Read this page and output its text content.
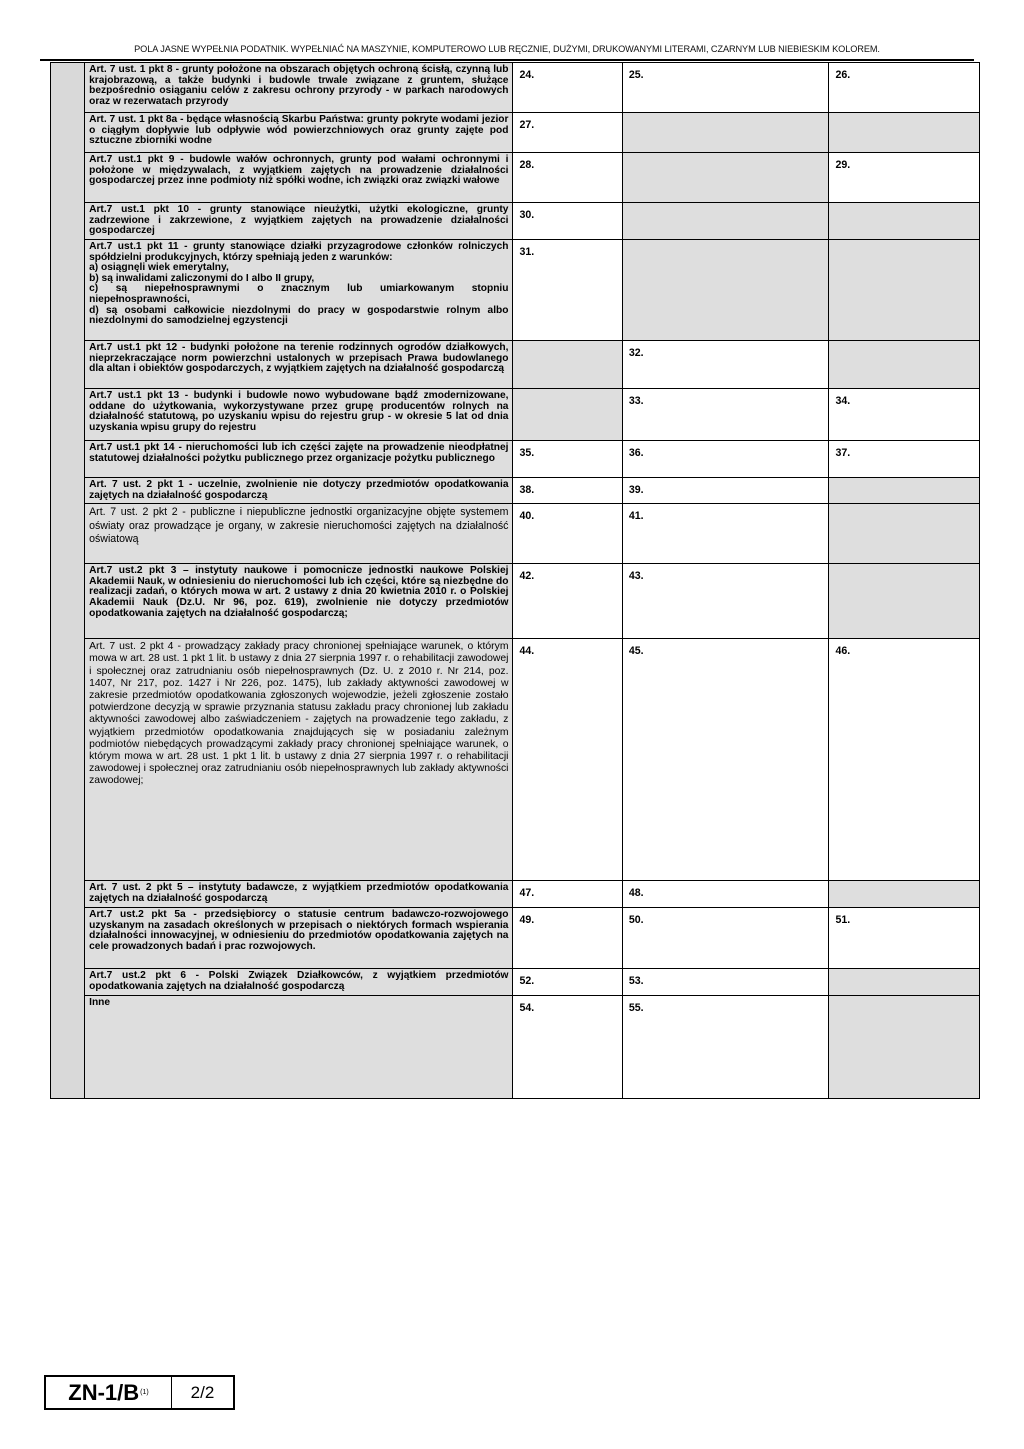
POLA JASNE WYPEŁNIA PODATNIK. WYPEŁNIAĆ NA MASZYNIE, KOMPUTEROWO LUB RĘCZNIE, DUŻYMI, DRUKOWANYMI LITERAMI, CZARNYM LUB NIEBIESKIM KOLOREM.

	Art. 7 ust. 1 pkt 8 - grunty położone na obszarach objętych ochroną ścisłą, czynną lub krajobrazową, a także budynki i budowle trwale związane z gruntem, służące bezpośrednio osiąganiu celów z zakresu ochrony przyrody - w parkach narodowych oraz w rezerwatach przyrody	24.	25.	26.

	Art. 7 ust. 1 pkt 8a - będące własnością Skarbu Państwa: grunty pokryte wodami jezior o ciągłym dopływie lub odpływie wód powierzchniowych oraz grunty zajęte pod sztuczne zbiorniki wodne	27.		

	Art.7 ust.1 pkt 9 - budowle wałów ochronnych, grunty pod wałami ochronnymi i położone w międzywalach, z wyjątkiem zajętych na prowadzenie działalności gospodarczej przez inne podmioty niż spółki wodne, ich związki oraz związki wałowe	28.		29.

	Art.7 ust.1 pkt 10 - grunty stanowiące nieużytki, użytki ekologiczne, grunty zadrzewione i zakrzewione, z wyjątkiem zajętych na prowadzenie działalności gospodarczej	30.		

	Art.7 ust.1 pkt 11 - grunty stanowiące działki przyzagrodowe członków rolniczych spółdzielni produkcyjnych, którzy spełniają jeden z warunków:
a) osiągnęli wiek emerytalny,
b) są inwalidami zaliczonymi do I albo II grupy,
c) są niepełnosprawnymi o znacznym lub umiarkowanym stopniu niepełnosprawności,
d) są osobami całkowicie niezdolnymi do pracy w gospodarstwie rolnym albo niezdolnymi do samodzielnej egzystencji	31.		

	Art.7 ust.1 pkt 12 - budynki położone na terenie rodzinnych ogrodów działkowych, nieprzekraczające norm powierzchni ustalonych w przepisach Prawa budowlanego dla altan i obiektów gospodarczych, z wyjątkiem zajętych na działalność gospodarczą		32.	

	Art.7 ust.1 pkt 13 - budynki i budowle nowo wybudowane bądź zmodernizowane, oddane do użytkowania, wykorzystywane przez grupę producentów rolnych na działalność statutową, po uzyskaniu wpisu do rejestru grup - w okresie 5 lat od dnia uzyskania wpisu grupy do rejestru		33.	34.

	Art.7 ust.1 pkt 14 - nieruchomości lub ich części zajęte na prowadzenie nieodpłatnej statutowej działalności pożytku publicznego przez organizacje pożytku publicznego	35.	36.	37.

	Art. 7 ust. 2 pkt 1 - uczelnie, zwolnienie nie dotyczy przedmiotów opodatkowania zajętych na działalność gospodarczą	38.	39.	

	Art. 7 ust. 2 pkt 2 - publiczne i niepubliczne jednostki organizacyjne objęte systemem oświaty oraz prowadzące je organy, w zakresie nieruchomości zajętych na działalność oświatową	40.	41.	

	Art.7 ust.2 pkt 3 – instytuty naukowe i pomocnicze jednostki naukowe Polskiej Akademii Nauk, w odniesieniu do nieruchomości lub ich części, które są niezbędne do realizacji zadań, o których mowa w art. 2 ustawy z dnia 20 kwietnia 2010 r. o Polskiej Akademii Nauk (Dz.U. Nr 96, poz. 619), zwolnienie nie dotyczy przedmiotów opodatkowania zajętych na działalność gospodarczą;	42.	43.	

	Art. 7 ust. 2 pkt 4 - prowadzący zakłady pracy chronionej spełniające warunek, o którym mowa w art. 28 ust. 1 pkt 1 lit. b ustawy z dnia 27 sierpnia 1997 r. o rehabilitacji zawodowej i społecznej oraz zatrudnianiu osób niepełnosprawnych (Dz. U. z 2010 r. Nr 214, poz. 1407, Nr 217, poz. 1427 i Nr 226, poz. 1475), lub zakłady aktywności zawodowej w zakresie przedmiotów opodatkowania zgłoszonych wojewodzie, jeżeli zgłoszenie zostało potwierdzone decyzją w sprawie przyznania statusu zakładu pracy chronionej lub zakładu aktywności zawodowej albo zaświadczeniem - zajętych na prowadzenie tego zakładu, z wyjątkiem przedmiotów opodatkowania znajdujących się w posiadaniu zależnym podmiotów niebędących prowadzącymi zakłady pracy chronionej spełniające warunek, o którym mowa w art. 28 ust. 1 pkt 1 lit. b ustawy z dnia 27 sierpnia 1997 r. o rehabilitacji zawodowej i społecznej oraz zatrudnianiu osób niepełnosprawnych lub zakłady aktywności zawodowej;	44.	45.	46.

	Art. 7 ust. 2 pkt 5 – instytuty badawcze, z wyjątkiem przedmiotów opodatkowania zajętych na działalność gospodarczą	47.	48.	

	Art.7 ust.2 pkt 5a - przedsiębiorcy o statusie centrum badawczo-rozwojowego uzyskanym na zasadach określonych w przepisach o niektórych formach wspierania działalności innowacyjnej, w odniesieniu do przedmiotów opodatkowania zajętych na cele prowadzonych badań i prac rozwojowych.	49.	50.	51.

	Art.7 ust.2 pkt 6 - Polski Związek Działkowców, z wyjątkiem przedmiotów opodatkowania zajętych na działalność gospodarczą	52.	53.	

	Inne	54.	55.	
ZN-1/B (1)	2/2
